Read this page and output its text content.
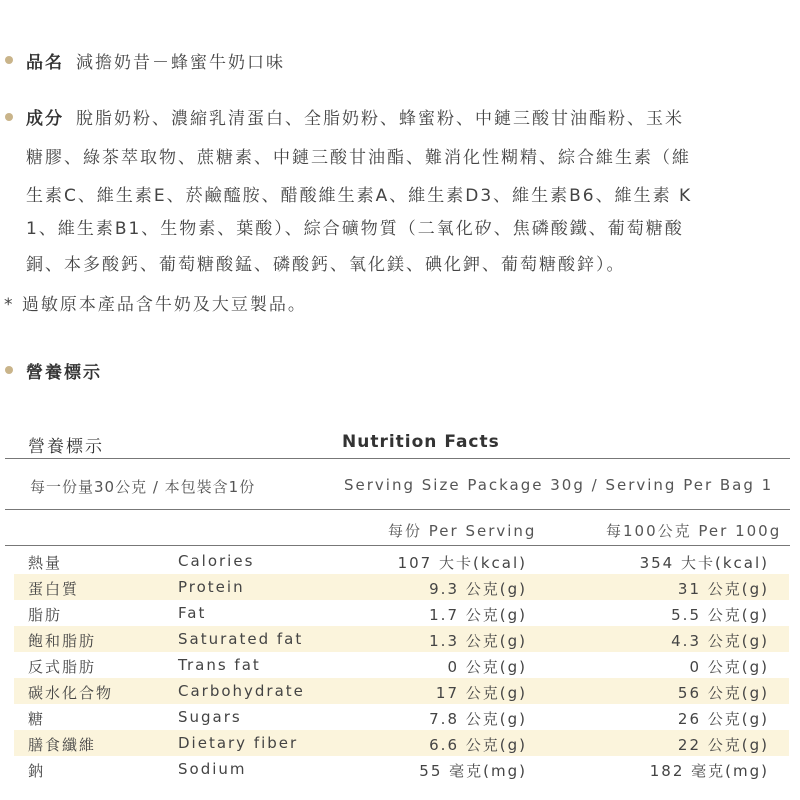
品名 減擔奶昔－蜂蜜牛奶口味
成分 脫脂奶粉、濃縮乳清蛋白、全脂奶粉、蜂蜜粉、中鏈三酸甘油酯粉、玉米
糖膠、綠茶萃取物、蔗糖素、中鏈三酸甘油酯、難消化性糊精、綜合維生素（維
生素C、維生素E、菸鹼醯胺、醋酸維生素A、維生素D3、維生素B6、維生素 K
1、維生素B1、生物素、葉酸）、綜合礦物質（二氧化矽、焦磷酸鐵、葡萄糖酸
銅、本多酸鈣、葡萄糖酸錳、磷酸鈣、氧化鎂、碘化鉀、葡萄糖酸鋅）。
* 過敏原本產品含牛奶及大豆製品。
營養標示
營養標示	Nutrition Facts
每一份量30公克 / 本包裝含1份	Serving Size Package 30g / Serving Per Bag 1
每份 Per Serving	每100公克 Per 100g
熱量	Calories	107 大卡(kcal)	354 大卡(kcal)
蛋白質	Protein	9.3 公克(g)	31 公克(g)
脂肪	Fat	1.7 公克(g)	5.5 公克(g)
飽和脂肪	Saturated fat	1.3 公克(g)	4.3 公克(g)
反式脂肪	Trans fat	0 公克(g)	0 公克(g)
碳水化合物	Carbohydrate	17 公克(g)	56 公克(g)
糖	Sugars	7.8 公克(g)	26 公克(g)
膳食纖維	Dietary fiber	6.6 公克(g)	22 公克(g)
鈉	Sodium	55 毫克(mg)	182 毫克(mg)
